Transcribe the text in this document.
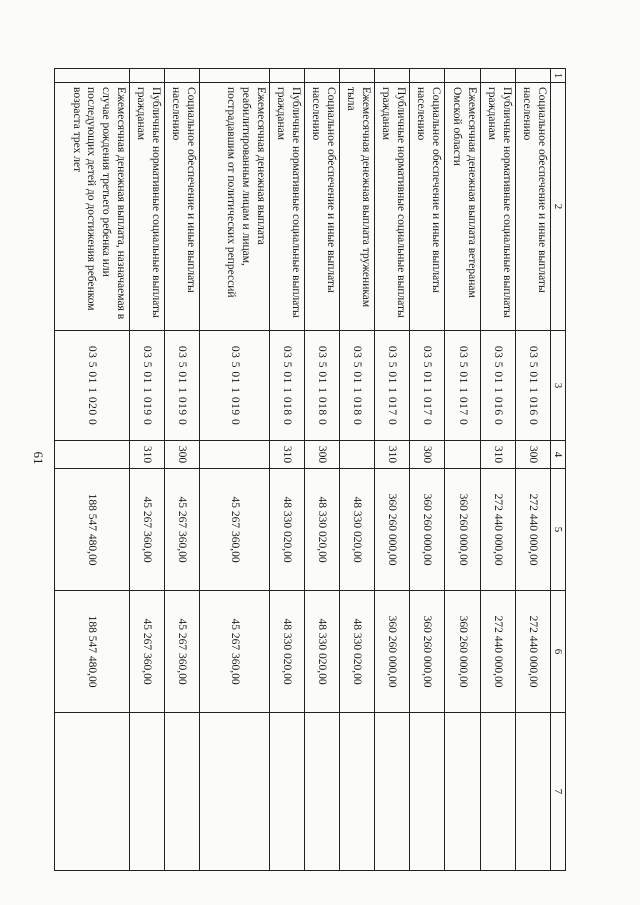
61
1	2	3	4	5	6	7
	Социальное обеспечение и иные выплаты населению	03 5 01 1 016 0	300	272 440 000,00	272 440 000,00	
	Публичные нормативные социальные выплаты гражданам	03 5 01 1 016 0	310	272 440 000,00	272 440 000,00	
	Ежемесячная денежная выплата ветеранам Омской области	03 5 01 1 017 0		360 260 000,00	360 260 000,00	
	Социальное обеспечение и иные выплаты населению	03 5 01 1 017 0	300	360 260 000,00	360 260 000,00	
	Публичные нормативные социальные выплаты гражданам	03 5 01 1 017 0	310	360 260 000,00	360 260 000,00	
	Ежемесячная денежная выплата труженикам тыла	03 5 01 1 018 0		48 330 020,00	48 330 020,00	
	Социальное обеспечение и иные выплаты населению	03 5 01 1 018 0	300	48 330 020,00	48 330 020,00	
	Публичные нормативные социальные выплаты гражданам	03 5 01 1 018 0	310	48 330 020,00	48 330 020,00	
	Ежемесячная денежная выплата реабилитированным лицам и лицам, пострадавшим от политических репрессий	03 5 01 1 019 0		45 267 360,00	45 267 360,00	
	Социальное обеспечение и иные выплаты населению	03 5 01 1 019 0	300	45 267 360,00	45 267 360,00	
	Публичные нормативные социальные выплаты гражданам	03 5 01 1 019 0	310	45 267 360,00	45 267 360,00	
	Ежемесячная денежная выплата, назначаемая в случае рождения третьего ребенка или последующих детей до достижения ребенком возраста трех лет	03 5 01 1 020 0		188 547 480,00	188 547 480,00	
